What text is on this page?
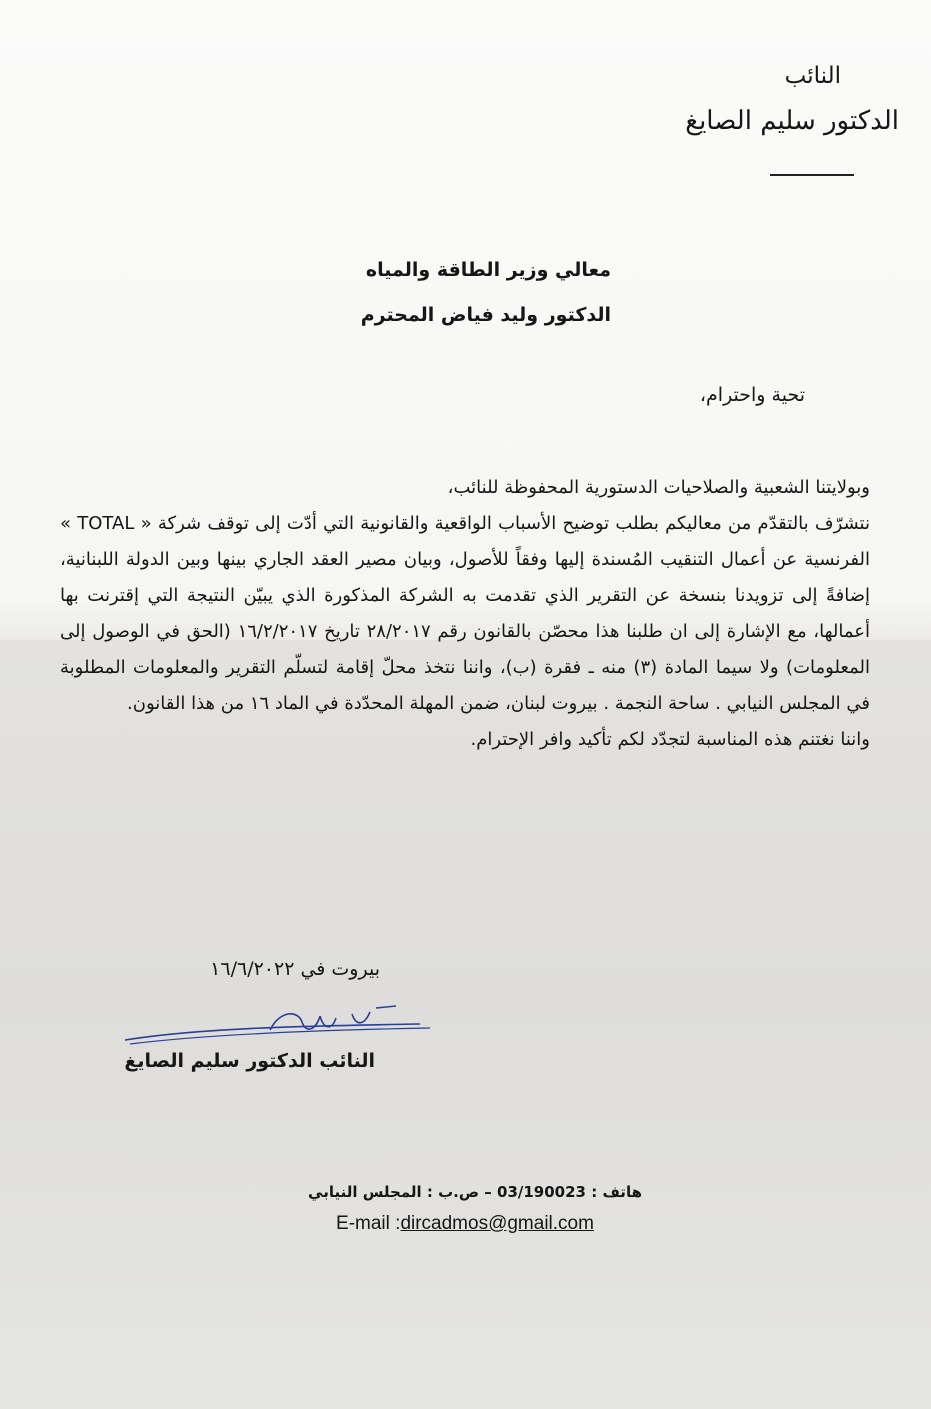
النائب
الدكتور سليم الصايغ
معالي وزير الطاقة والمياه
الدكتور وليد فياض المحترم
تحية واحترام،

وبولايتنا الشعبية والصلاحيات الدستورية المحفوظة للنائب،

نتشرّف بالتقدّم من معاليكم بطلب توضيح الأسباب الواقعية والقانونية التي أدّت إلى توقف شركة « TOTAL » الفرنسية عن أعمال التنقيب المُسندة إليها وفقاً للأصول، وبيان مصير العقد الجاري بينها وبين الدولة اللبنانية، إضافةً إلى تزويدنا بنسخة عن التقرير الذي تقدمت به الشركة المذكورة الذي يبيّن النتيجة التي إقترنت بها أعمالها، مع الإشارة إلى ان طلبنا هذا محصّن بالقانون رقم ٢٨/٢٠١٧ تاريخ ١٦/٢/٢٠١٧ (الحق في الوصول إلى المعلومات) ولا سيما المادة (٣) منه ـ فقرة (ب)، واننا نتخذ محلّ إقامة لتسلّم التقرير والمعلومات المطلوبة في المجلس النيابي . ساحة النجمة . بيروت لبنان، ضمن المهلة المحدّدة في الماد ١٦ من هذا القانون.

واننا نغتنم هذه المناسبة لتجدّد لكم تأكيد وافر الإحترام.

بيروت في ١٦/٦/٢٠٢٢
النائب الدكتور سليم الصايغ
هاتف : 03/190023 – ص.ب : المجلس النيابي
E-mail :dircadmos@gmail.com
